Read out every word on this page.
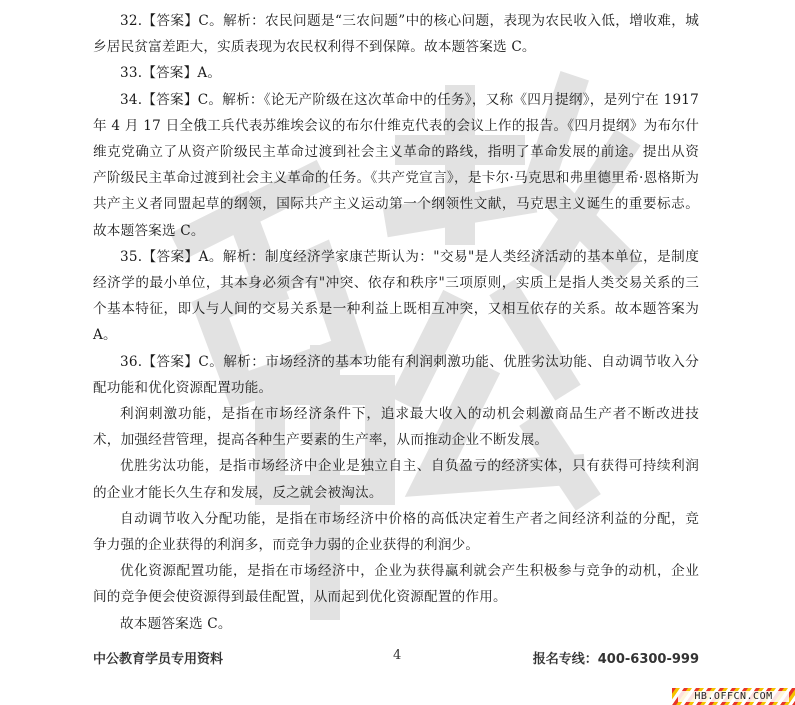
32.【答案】C。解析：农民问题是“三农问题”中的核心问题，表现为农民收入低，增收难，城乡居民贫富差距大，实质表现为农民权利得不到保障。故本题答案选 C。

33.【答案】A。

34.【答案】C。解析：《论无产阶级在这次革命中的任务》，又称《四月提纲》，是列宁在 1917 年 4 月 17 日全俄工兵代表苏维埃会议的布尔什维克代表的会议上作的报告。《四月提纲》为布尔什维克党确立了从资产阶级民主革命过渡到社会主义革命的路线，指明了革命发展的前途。提出从资产阶级民主革命过渡到社会主义革命的任务。《共产党宣言》，是卡尔·马克思和弗里德里希·恩格斯为共产主义者同盟起草的纲领，国际共产主义运动第一个纲领性文献，马克思主义诞生的重要标志。故本题答案选 C。

35.【答案】A。解析：制度经济学家康芒斯认为："交易"是人类经济活动的基本单位，是制度经济学的最小单位，其本身必须含有"冲突、依存和秩序"三项原则，实质上是指人类交易关系的三个基本特征，即人与人间的交易关系是一种利益上既相互冲突，又相互依存的关系。故本题答案为A。

36.【答案】C。解析：市场经济的基本功能有利润刺激功能、优胜劣汰功能、自动调节收入分配功能和优化资源配置功能。

利润刺激功能，是指在市场经济条件下，追求最大收入的动机会刺激商品生产者不断改进技术，加强经营管理，提高各种生产要素的生产率，从而推动企业不断发展。

优胜劣汰功能，是指市场经济中企业是独立自主、自负盈亏的经济实体，只有获得可持续利润的企业才能长久生存和发展，反之就会被淘汰。

自动调节收入分配功能，是指在市场经济中价格的高低决定着生产者之间经济利益的分配，竞争力强的企业获得的利润多，而竞争力弱的企业获得的利润少。

优化资源配置功能，是指在市场经济中，企业为获得赢利就会产生积极参与竞争的动机，企业间的竞争便会使资源得到最佳配置，从而起到优化资源配置的作用。

故本题答案选 C。

中公教育学员专用资料	4	报名专线：400-6300-999
HB.OFFCN.COM
